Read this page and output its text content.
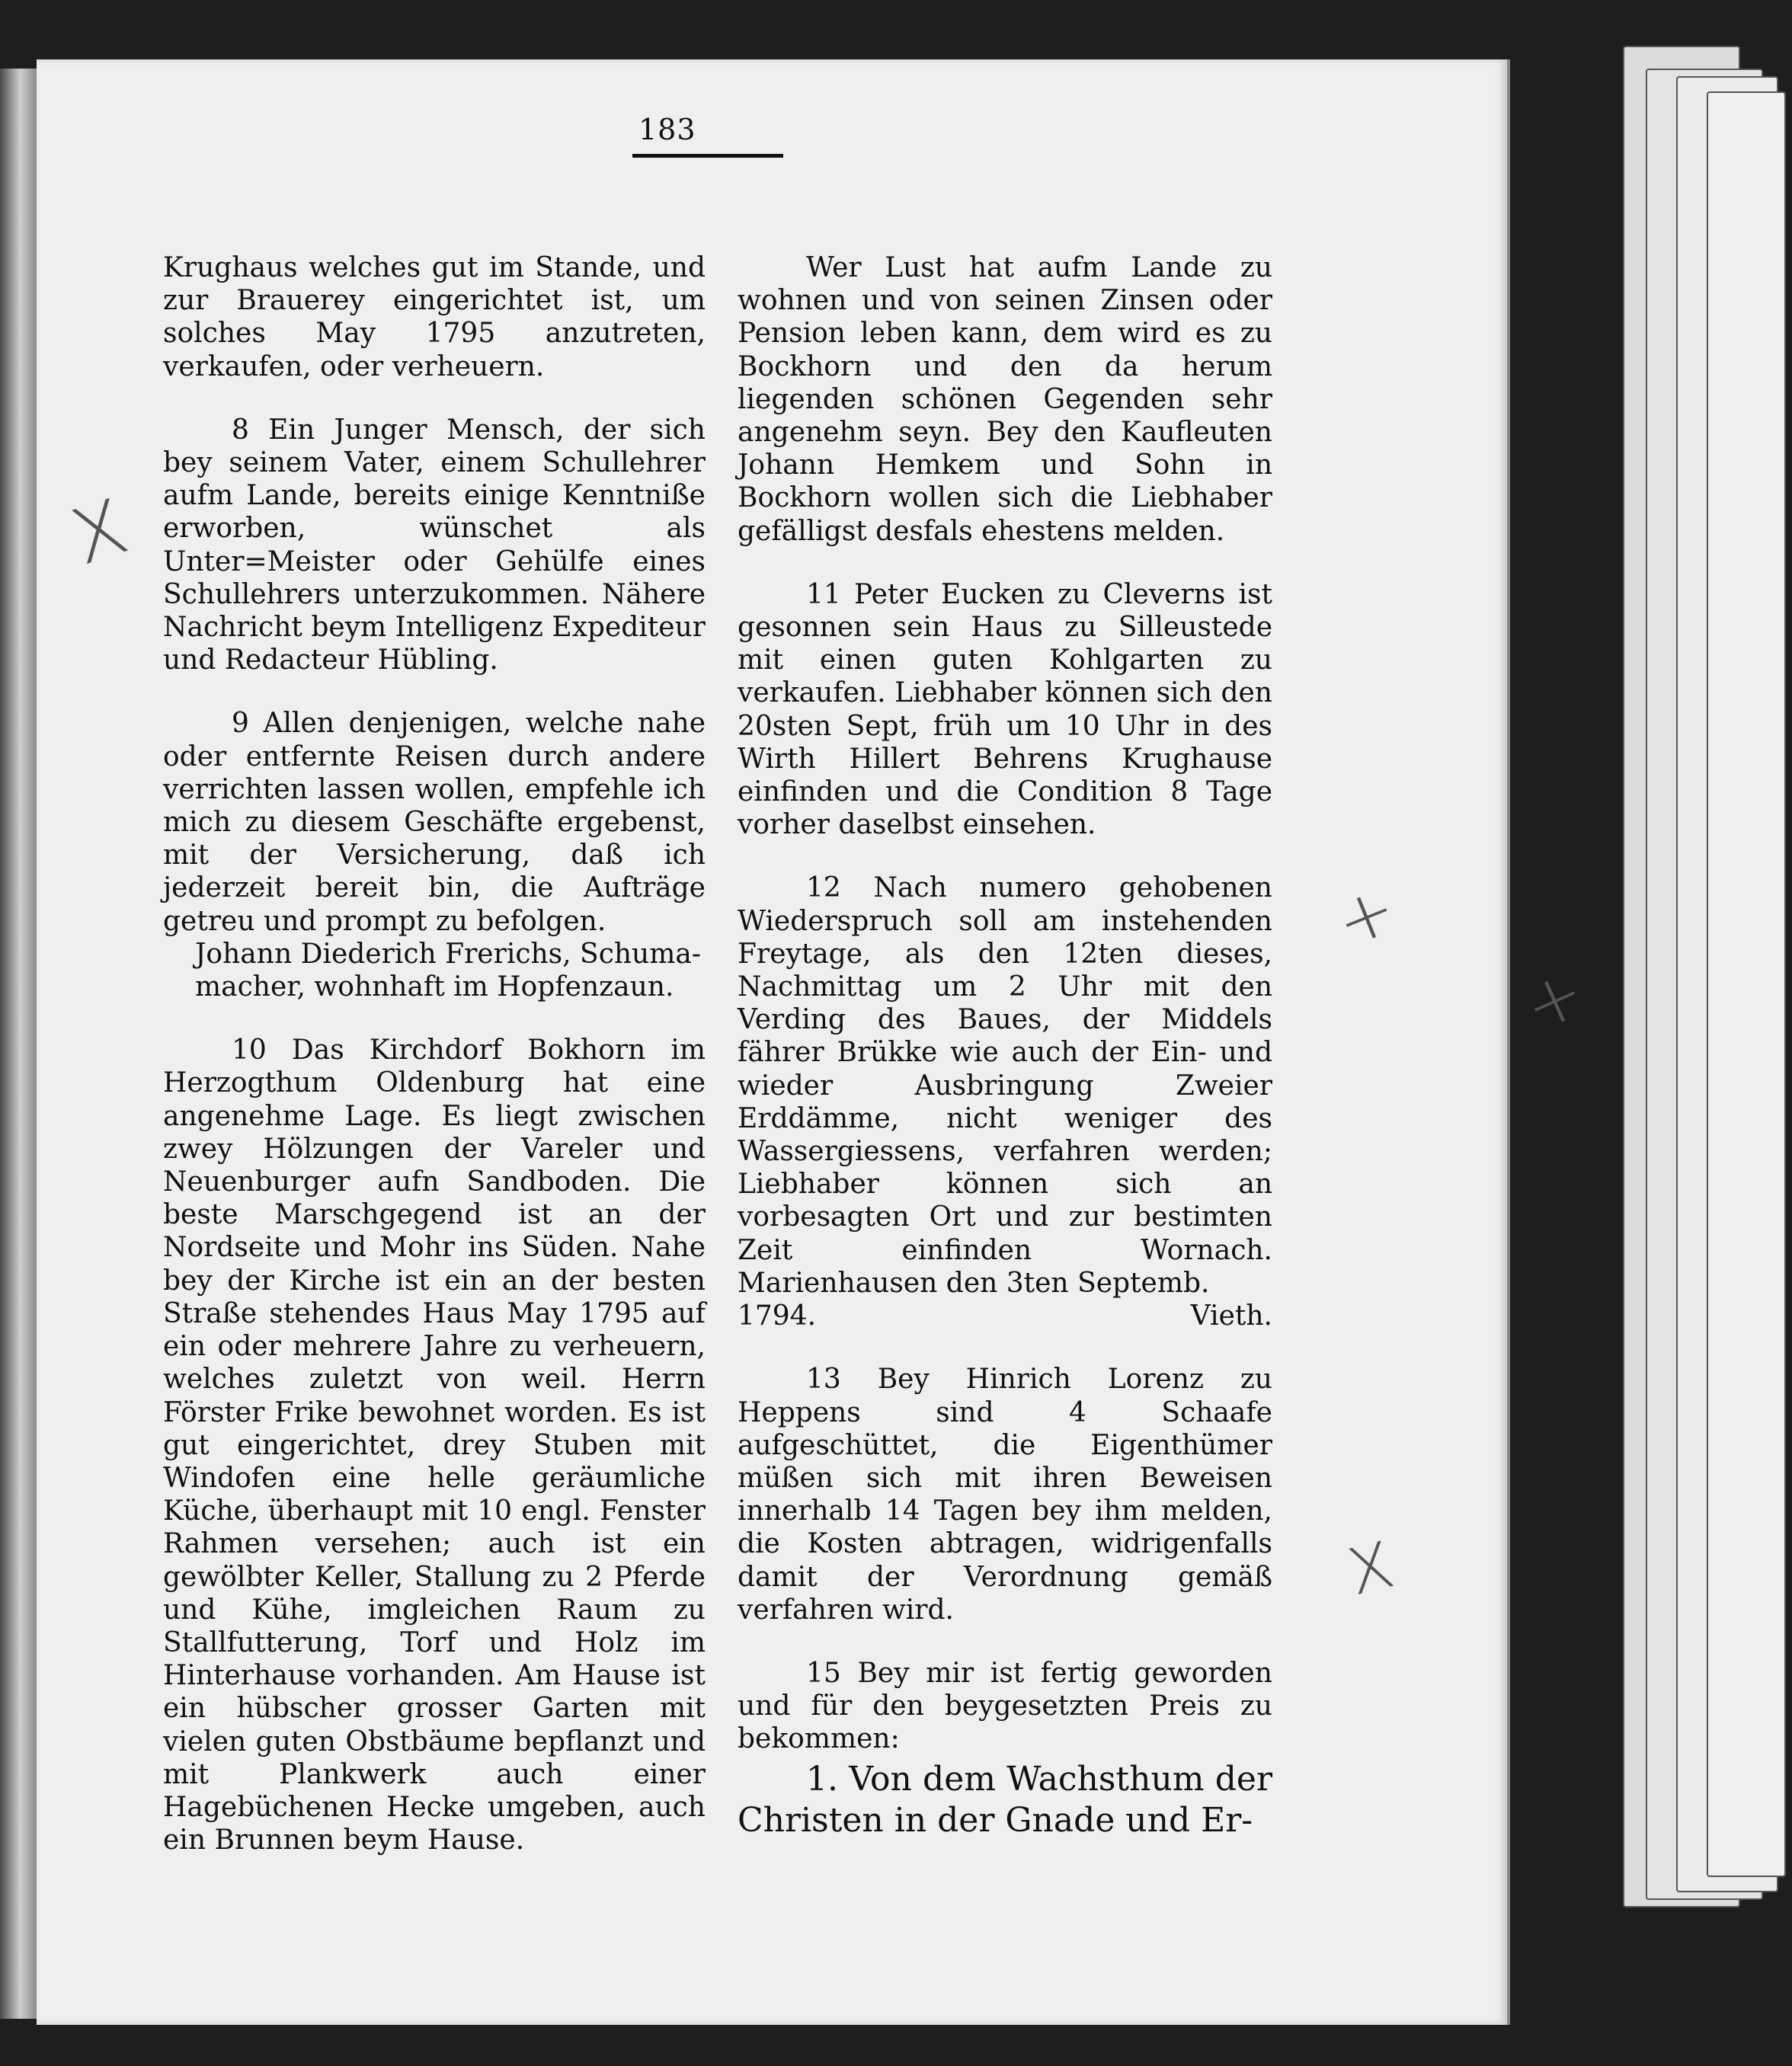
183

Krughaus welches gut im Stande, und zur Brauerey eingerichtet ist, um solches May 1795 anzutreten, verkaufen, oder verheuern.

8 Ein Junger Mensch, der sich bey seinem Vater, einem Schullehrer aufm Lande, bereits einige Kenntniße erworben, wünschet als Unter=Meister oder Gehülfe eines Schullehrers unterzukommen. Nähere Nachricht beym Intelligenz Expediteur und Redacteur Hübling.

9 Allen denjenigen, welche nahe oder entfernte Reisen durch andere verrichten lassen wollen, empfehle ich mich zu diesem Geschäfte ergebenst, mit der Versicherung, daß ich jederzeit bereit bin, die Aufträge getreu und prompt zu befolgen.

Johann Diederich Frerichs, Schuma-

macher, wohnhaft im Hopfenzaun.

10 Das Kirchdorf Bokhorn im Herzogthum Oldenburg hat eine angenehme Lage. Es liegt zwischen zwey Hölzungen der Vareler und Neuenburger aufn Sandboden. Die beste Marschgegend ist an der Nordseite und Mohr ins Süden. Nahe bey der Kirche ist ein an der besten Straße stehendes Haus May 1795 auf ein oder mehrere Jahre zu verheuern, welches zuletzt von weil. Herrn Förster Frike bewohnet worden. Es ist gut eingerichtet, drey Stuben mit Windofen eine helle geräumliche Küche, überhaupt mit 10 engl. Fenster Rahmen versehen; auch ist ein gewölbter Keller, Stallung zu 2 Pferde und Kühe, imgleichen Raum zu Stallfutterung, Torf und Holz im Hinterhause vorhanden. Am Hause ist ein hübscher grosser Garten mit vielen guten Obstbäume bepflanzt und mit Plankwerk auch einer Hagebüchenen Hecke umgeben, auch ein Brunnen beym Hause.

Wer Lust hat aufm Lande zu wohnen und von seinen Zinsen oder Pension leben kann, dem wird es zu Bockhorn und den da herum liegenden schönen Gegenden sehr angenehm seyn. Bey den Kaufleuten Johann Hemkem und Sohn in Bockhorn wollen sich die Liebhaber gefälligst desfals ehestens melden.

11 Peter Eucken zu Cleverns ist gesonnen sein Haus zu Silleustede mit einen guten Kohlgarten zu verkaufen. Liebhaber können sich den 20sten Sept, früh um 10 Uhr in des Wirth Hillert Behrens Krughause einfinden und die Condition 8 Tage vorher daselbst einsehen.

12 Nach numero gehobenen Wiederspruch soll am instehenden Freytage, als den 12ten dieses, Nachmittag um 2 Uhr mit den Verding des Baues, der Middels fährer Brükke wie auch der Ein- und wieder Ausbringung Zweier Erddämme, nicht weniger des Wassergiessens, verfahren werden; Liebhaber können sich an vorbesagten Ort und zur bestimten Zeit einfinden Wornach. Marienhausen den 3ten Septemb.

1794.	Vieth.

13 Bey Hinrich Lorenz zu Heppens sind 4 Schaafe aufgeschüttet, die Eigenthümer müßen sich mit ihren Beweisen innerhalb 14 Tagen bey ihm melden, die Kosten abtragen, widrigenfalls damit der Verordnung gemäß verfahren wird.

15 Bey mir ist fertig geworden und für den beygesetzten Preis zu bekommen:

1. Von dem Wachsthum der Christen in der Gnade und Er-

X
+
+
X
